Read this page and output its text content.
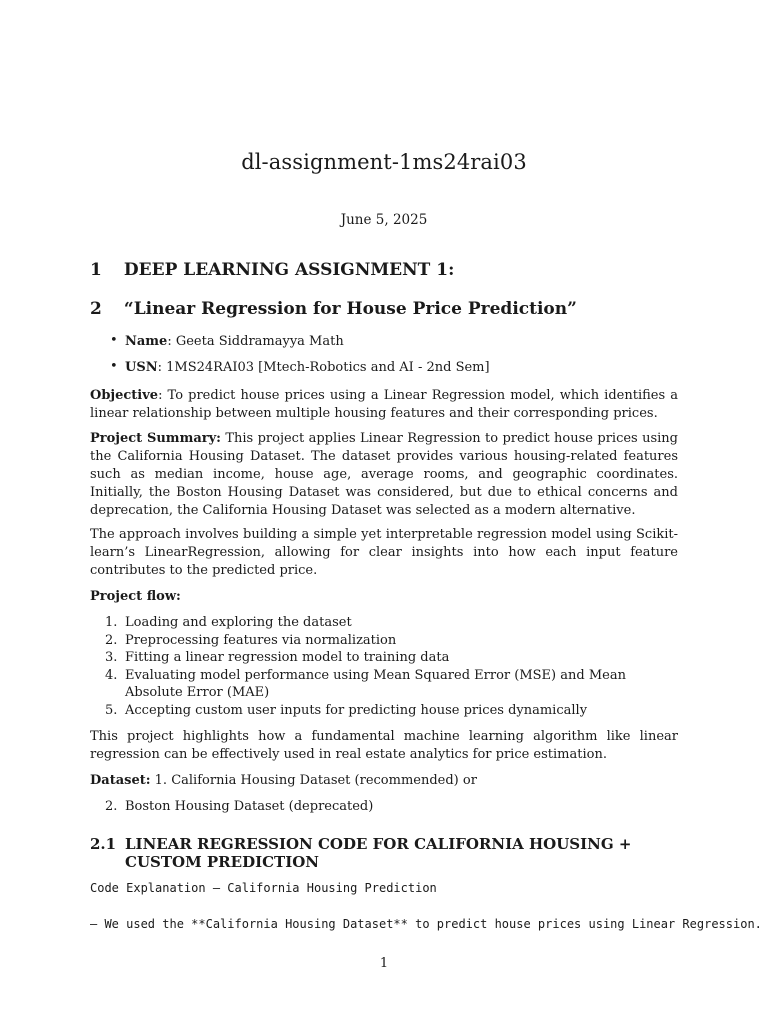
dl-assignment-1ms24rai03
June 5, 2025
1 DEEP LEARNING ASSIGNMENT 1:
2 “Linear Regression for House Price Prediction”
• Name: Geeta Siddramayya Math
• USN: 1MS24RAI03 [Mtech-Robotics and AI - 2nd Sem]
Objective: To predict house prices using a Linear Regression model, which identifies a linear relationship between multiple housing features and their corresponding prices.
Project Summary: This project applies Linear Regression to predict house prices using the California Housing Dataset. The dataset provides various housing-related features such as median income, house age, average rooms, and geographic coordinates. Initially, the Boston Housing Dataset was considered, but due to ethical concerns and deprecation, the California Housing Dataset was selected as a modern alternative.
The approach involves building a simple yet interpretable regression model using Scikit-learn’s LinearRegression, allowing for clear insights into how each input feature contributes to the predicted price.
Project flow:
1. Loading and exploring the dataset
2. Preprocessing features via normalization
3. Fitting a linear regression model to training data
4. Evaluating model performance using Mean Squared Error (MSE) and Mean Absolute Error (MAE)
5. Accepting custom user inputs for predicting house prices dynamically
This project highlights how a fundamental machine learning algorithm like linear regression can be effectively used in real estate analytics for price estimation.
Dataset: 1. California Housing Dataset (recommended) or
2. Boston Housing Dataset (deprecated)
2.1 LINEAR REGRESSION CODE FOR CALIFORNIA HOUSING + CUSTOM PREDICTION
Code Explanation – California Housing Prediction
– We used the **California Housing Dataset** to predict house prices using Linear Regression.
1
